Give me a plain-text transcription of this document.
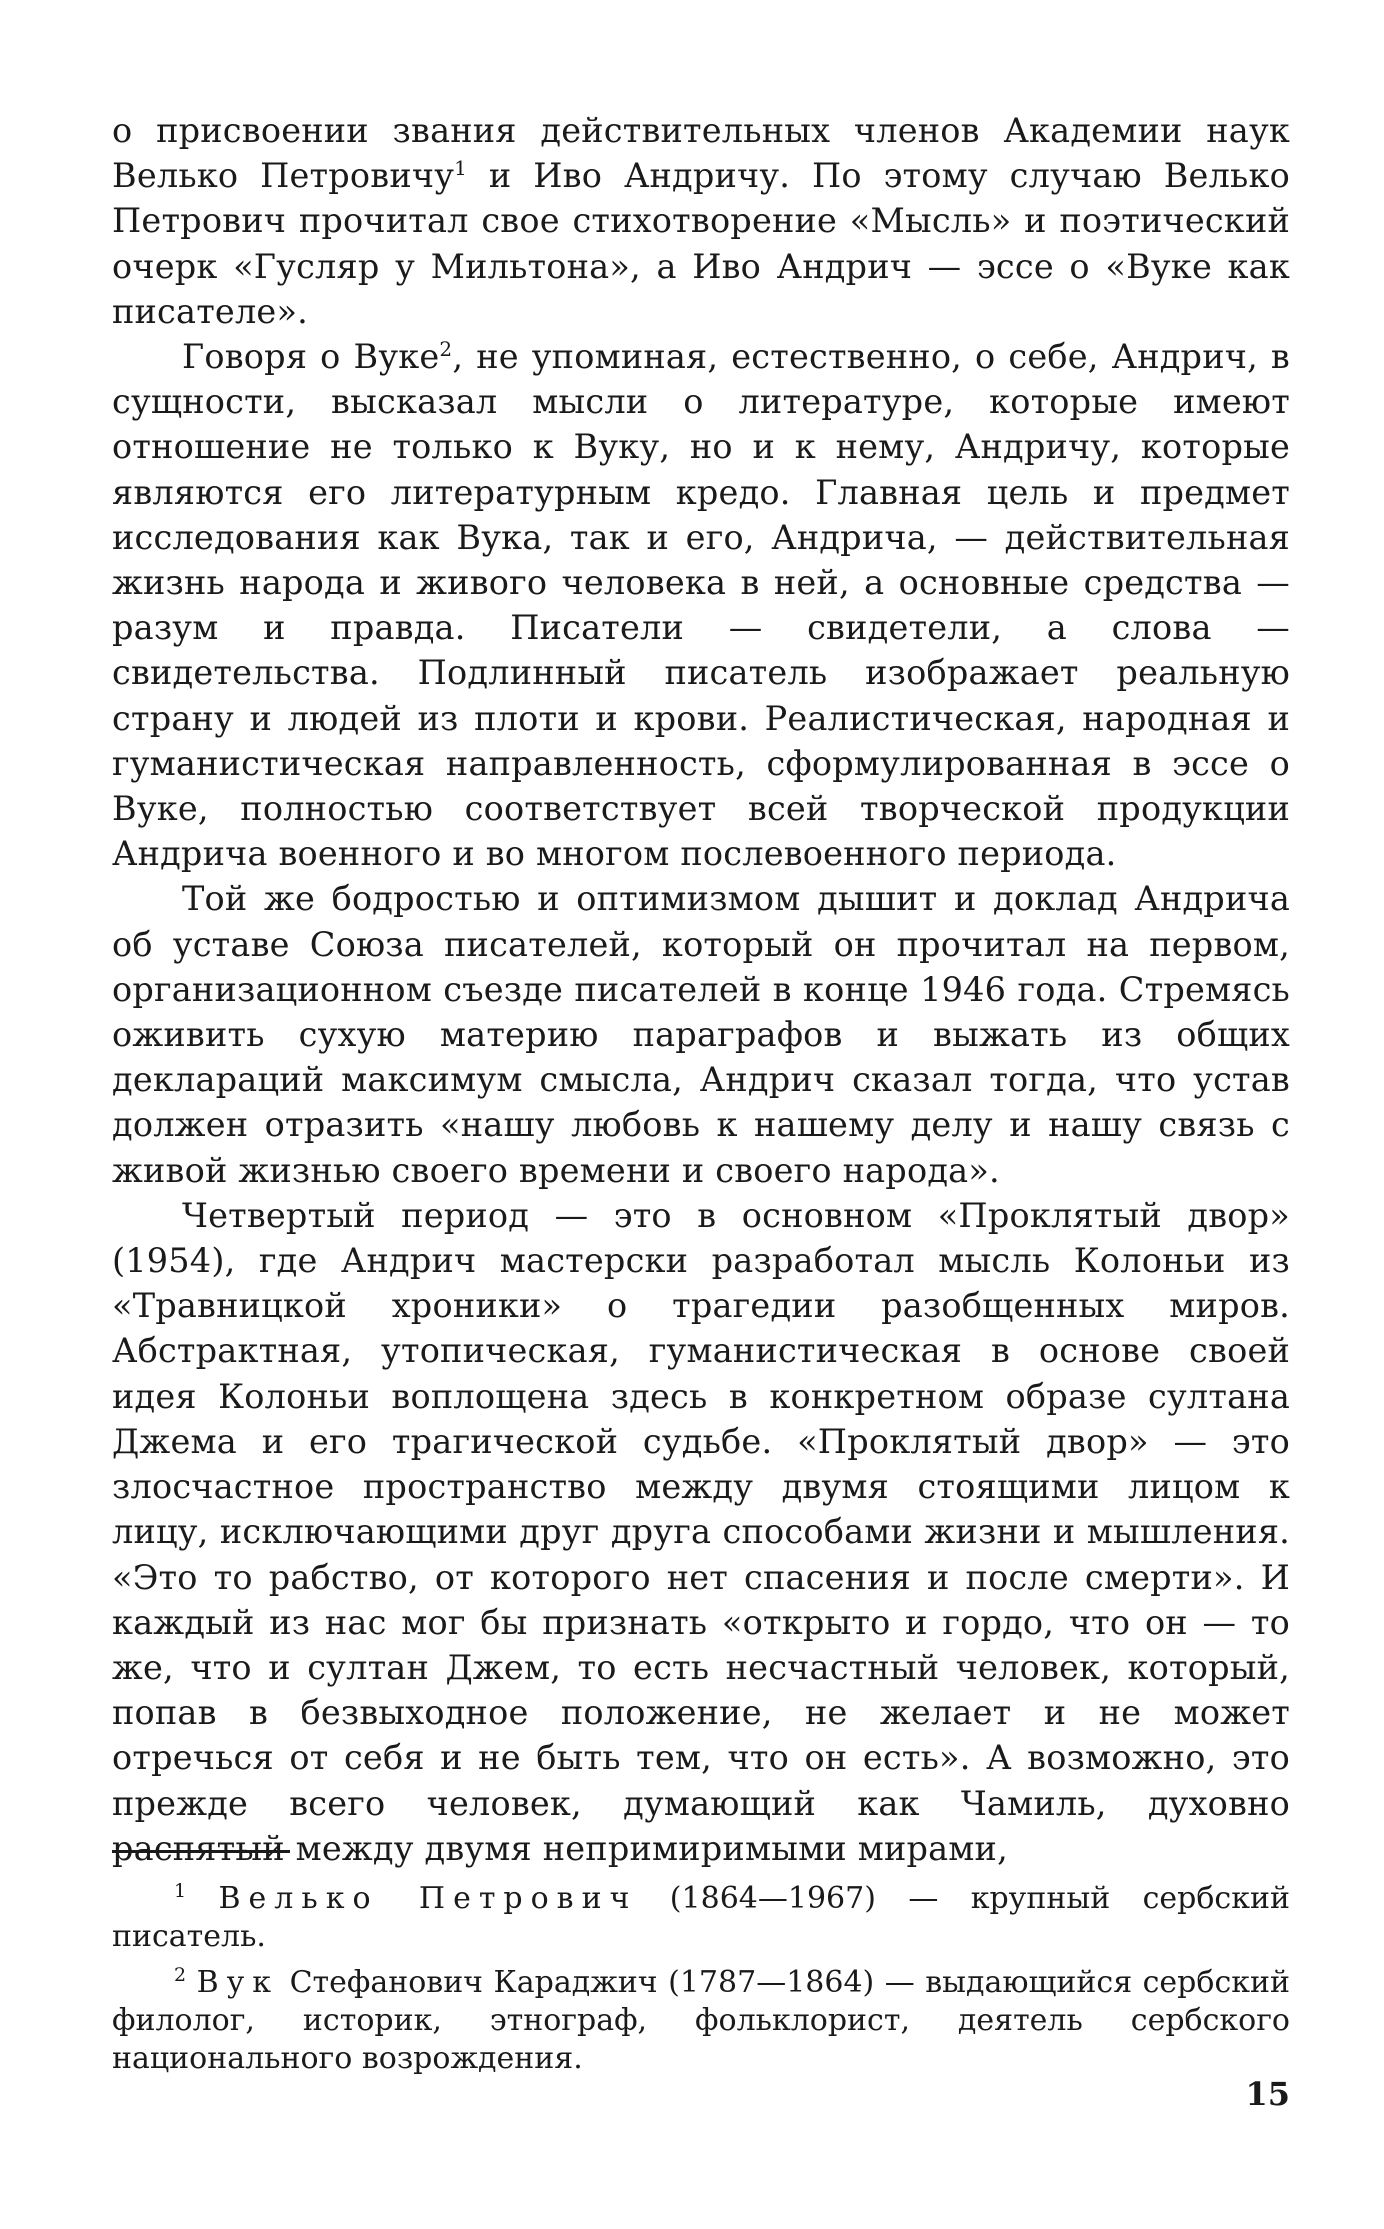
о присвоении звания действительных членов Академии наук Велько Петровичу$^1$ и Иво Андричу. По этому случаю Велько Петрович прочитал свое стихотворение «Мысль» и поэтический очерк «Гусляр у Мильтона», а Иво Андрич — эссе о «Вуке как писателе».

Говоря о Вуке$^2$, не упоминая, естественно, о себе, Андрич, в сущности, высказал мысли о литературе, которые имеют отношение не только к Вуку, но и к нему, Андричу, которые являются его литературным кредо. Главная цель и предмет исследования как Вука, так и его, Андрича, — действительная жизнь народа и живого человека в ней, а основные средства — разум и правда. Писатели — свидетели, а слова — свидетельства. Подлинный писатель изображает реальную страну и людей из плоти и крови. Реалистическая, народная и гуманистическая направленность, сформулированная в эссе о Вуке, полностью соответствует всей творческой продукции Андрича военного и во многом послевоенного периода.

Той же бодростью и оптимизмом дышит и доклад Андрича об уставе Союза писателей, который он прочитал на первом, организационном съезде писателей в конце 1946 года. Стремясь оживить сухую материю параграфов и выжать из общих деклараций максимум смысла, Андрич сказал тогда, что устав должен отразить «нашу любовь к нашему делу и нашу связь с живой жизнью своего времени и своего народа».

Четвертый период — это в основном «Проклятый двор» (1954), где Андрич мастерски разработал мысль Колоньи из «Травницкой хроники» о трагедии разобщенных миров. Абстрактная, утопическая, гуманистическая в основе своей идея Колоньи воплощена здесь в конкретном образе султана Джема и его трагической судьбе. «Проклятый двор» — это злосчастное пространство между двумя стоящими лицом к лицу, исключающими друг друга способами жизни и мышления. «Это то рабство, от которого нет спасения и после смерти». И каждый из нас мог бы признать «открыто и гордо, что он — то же, что и султан Джем, то есть несчастный человек, который, попав в безвыходное положение, не желает и не может отречься от себя и не быть тем, что он есть». А возможно, это прежде всего человек, думающий как Чамиль, духовно распятый между двумя непримиримыми мирами,

$^1$ Велько Петрович (1864—1967) — крупный сербский писатель.

$^2$ Вук Стефанович Караджич (1787—1864) — выдающийся сербский филолог, историк, этнограф, фольклорист, деятель сербского национального возрождения.

15
